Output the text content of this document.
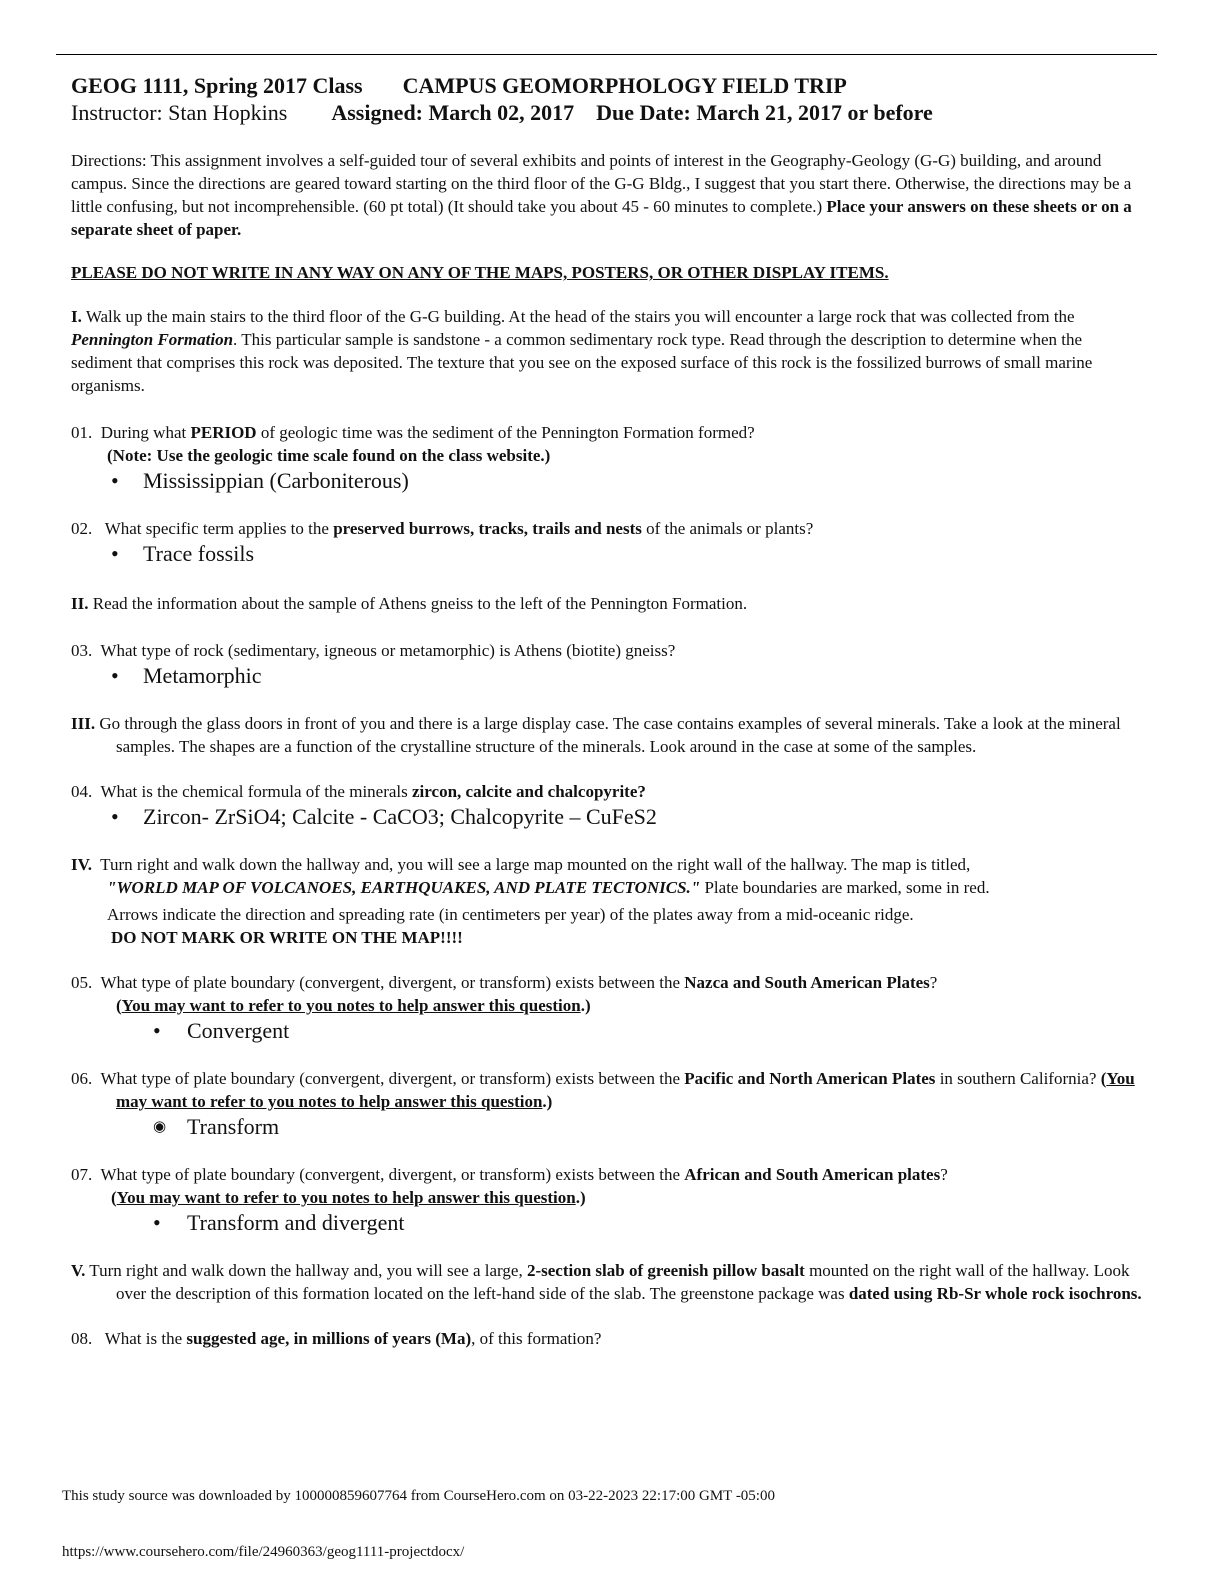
GEOG 1111, Spring 2017 Class CAMPUS GEOMORPHOLOGY FIELD TRIP
Instructor: Stan Hopkins Assigned: March 02, 2017 Due Date: March 21, 2017 or before

Directions: This assignment involves a self-guided tour of several exhibits and points of interest in the Geography-Geology (G-G) building, and around campus. Since the directions are geared toward starting on the third floor of the G-G Bldg., I suggest that you start there. Otherwise, the directions may be a little confusing, but not incomprehensible. (60 pt total) (It should take you about 45 - 60 minutes to complete.) Place your answers on these sheets or on a separate sheet of paper.

PLEASE DO NOT WRITE IN ANY WAY ON ANY OF THE MAPS, POSTERS, OR OTHER DISPLAY ITEMS.

I. Walk up the main stairs to the third floor of the G-G building. At the head of the stairs you will encounter a large rock that was collected from the Pennington Formation. This particular sample is sandstone - a common sedimentary rock type. Read through the description to determine when the sediment that comprises this rock was deposited. The texture that you see on the exposed surface of this rock is the fossilized burrows of small marine organisms.

01. During what PERIOD of geologic time was the sediment of the Pennington Formation formed?
(Note: Use the geologic time scale found on the class website.)
• Mississippian (Carboniterous)
02. What specific term applies to the preserved burrows, tracks, trails and nests of the animals or plants?
• Trace fossils

II. Read the information about the sample of Athens gneiss to the left of the Pennington Formation.

03. What type of rock (sedimentary, igneous or metamorphic) is Athens (biotite) gneiss?
• Metamorphic

III. Go through the glass doors in front of you and there is a large display case. The case contains examples of several minerals. Take a look at the mineral samples. The shapes are a function of the crystalline structure of the minerals. Look around in the case at some of the samples.

04. What is the chemical formula of the minerals zircon, calcite and chalcopyrite?
• Zircon- ZrSiO4; Calcite - CaCO3; Chalcopyrite – CuFeS2
IV. Turn right and walk down the hallway and, you will see a large map mounted on the right wall of the hallway. The map is titled,
"WORLD MAP OF VOLCANOES, EARTHQUAKES, AND PLATE TECTONICS." Plate boundaries are marked, some in red.
Arrows indicate the direction and spreading rate (in centimeters per year) of the plates away from a mid-oceanic ridge.
DO NOT MARK OR WRITE ON THE MAP!!!!
05. What type of plate boundary (convergent, divergent, or transform) exists between the Nazca and South American Plates?
(You may want to refer to you notes to help answer this question.)
• Convergent
06. What type of plate boundary (convergent, divergent, or transform) exists between the Pacific and North American Plates in southern California? (You may want to refer to you notes to help answer this question.)
◉ Transform
07. What type of plate boundary (convergent, divergent, or transform) exists between the African and South American plates?
(You may want to refer to you notes to help answer this question.)
• Transform and divergent

V. Turn right and walk down the hallway and, you will see a large, 2-section slab of greenish pillow basalt mounted on the right wall of the hallway. Look over the description of this formation located on the left-hand side of the slab. The greenstone package was dated using Rb-Sr whole rock isochrons.

08. What is the suggested age, in millions of years (Ma), of this formation?
This study source was downloaded by 100000859607764 from CourseHero.com on 03-22-2023 22:17:00 GMT -05:00
https://www.coursehero.com/file/24960363/geog1111-projectdocx/
